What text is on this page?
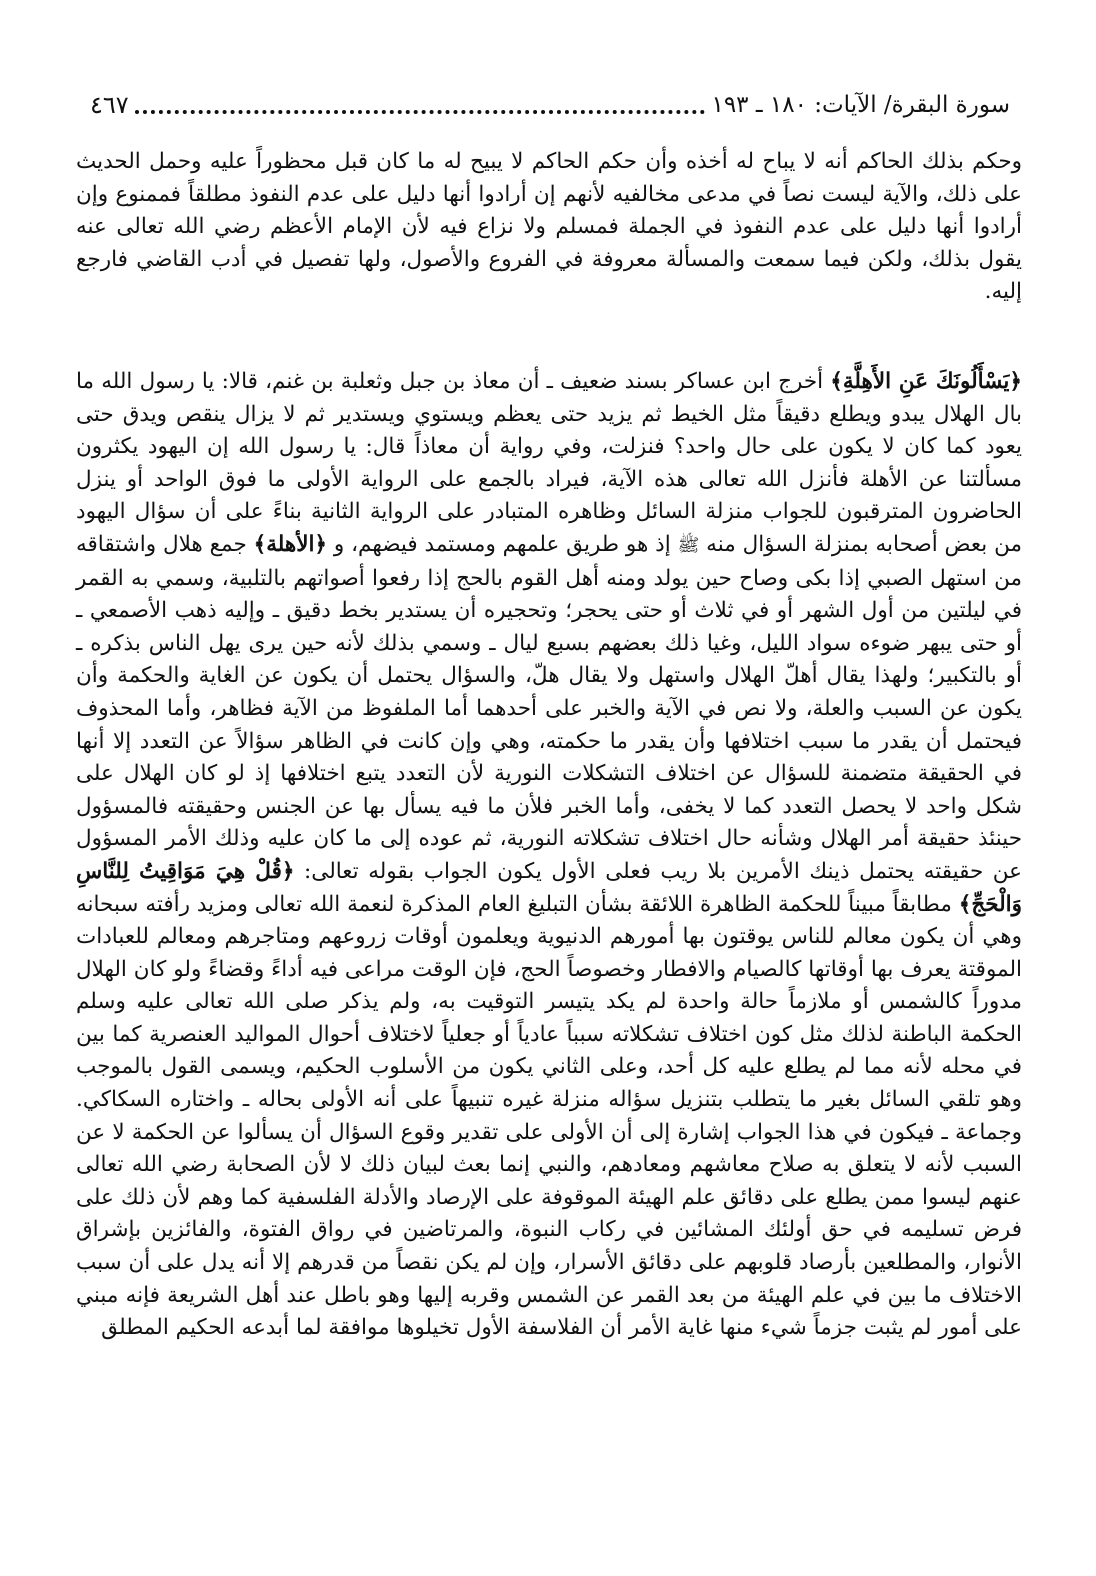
سورة البقرة/ الآيات: ١٨٠ ـ ١٩٣
٤٦٧

وحكم بذلك الحاكم أنه لا يباح له أخذه وأن حكم الحاكم لا يبيح له ما كان قبل محظوراً عليه وحمل الحديث على ذلك، والآية ليست نصاً في مدعى مخالفيه لأنهم إن أرادوا أنها دليل على عدم النفوذ مطلقاً فممنوع وإن أرادوا أنها دليل على عدم النفوذ في الجملة فمسلم ولا نزاع فيه لأن الإمام الأعظم رضي الله تعالى عنه يقول بذلك، ولكن فيما سمعت والمسألة معروفة في الفروع والأصول، ولها تفصيل في أدب القاضي فارجع إليه.

﴿يَسْأَلُونَكَ عَنِ الأَهِلَّةِ﴾ أخرج ابن عساكر بسند ضعيف ـ أن معاذ بن جبل وثعلبة بن غنم، قالا: يا رسول الله ما بال الهلال يبدو ويطلع دقيقاً مثل الخيط ثم يزيد حتى يعظم ويستوي ويستدير ثم لا يزال ينقص ويدق حتى يعود كما كان لا يكون على حال واحد؟ فنزلت، وفي رواية أن معاذاً قال: يا رسول الله إن اليهود يكثرون مسألتنا عن الأهلة فأنزل الله تعالى هذه الآية، فيراد بالجمع على الرواية الأولى ما فوق الواحد أو ينزل الحاضرون المترقبون للجواب منزلة السائل وظاهره المتبادر على الرواية الثانية بناءً على أن سؤال اليهود من بعض أصحابه بمنزلة السؤال منه ﷺ إذ هو طريق علمهم ومستمد فيضهم، و ﴿الأهلة﴾ جمع هلال واشتقاقه من استهل الصبي إذا بكى وصاح حين يولد ومنه أهل القوم بالحج إذا رفعوا أصواتهم بالتلبية، وسمي به القمر في ليلتين من أول الشهر أو في ثلاث أو حتى يحجر؛ وتحجيره أن يستدير بخط دقيق ـ وإليه ذهب الأصمعي ـ أو حتى يبهر ضوءه سواد الليل، وغيا ذلك بعضهم بسبع ليال ـ وسمي بذلك لأنه حين يرى يهل الناس بذكره ـ أو بالتكبير؛ ولهذا يقال أهلّ الهلال واستهل ولا يقال هلّ، والسؤال يحتمل أن يكون عن الغاية والحكمة وأن يكون عن السبب والعلة، ولا نص في الآية والخبر على أحدهما أما الملفوظ من الآية فظاهر، وأما المحذوف فيحتمل أن يقدر ما سبب اختلافها وأن يقدر ما حكمته، وهي وإن كانت في الظاهر سؤالاً عن التعدد إلا أنها في الحقيقة متضمنة للسؤال عن اختلاف التشكلات النورية لأن التعدد يتبع اختلافها إذ لو كان الهلال على شكل واحد لا يحصل التعدد كما لا يخفى، وأما الخبر فلأن ما فيه يسأل بها عن الجنس وحقيقته فالمسؤول حينئذ حقيقة أمر الهلال وشأنه حال اختلاف تشكلاته النورية، ثم عوده إلى ما كان عليه وذلك الأمر المسؤول عن حقيقته يحتمل ذينك الأمرين بلا ريب فعلى الأول يكون الجواب بقوله تعالى: ﴿قُلْ هِيَ مَوَاقِيتُ لِلنَّاسِ وَالْحَجِّ﴾ مطابقاً مبيناً للحكمة الظاهرة اللائقة بشأن التبليغ العام المذكرة لنعمة الله تعالى ومزيد رأفته سبحانه وهي أن يكون معالم للناس يوقتون بها أمورهم الدنيوية ويعلمون أوقات زروعهم ومتاجرهم ومعالم للعبادات الموقتة يعرف بها أوقاتها كالصيام والافطار وخصوصاً الحج، فإن الوقت مراعى فيه أداءً وقضاءً ولو كان الهلال مدوراً كالشمس أو ملازماً حالة واحدة لم يكد يتيسر التوقيت به، ولم يذكر صلى الله تعالى عليه وسلم الحكمة الباطنة لذلك مثل كون اختلاف تشكلاته سبباً عادياً أو جعلياً لاختلاف أحوال المواليد العنصرية كما بين في محله لأنه مما لم يطلع عليه كل أحد، وعلى الثاني يكون من الأسلوب الحكيم، ويسمى القول بالموجب وهو تلقي السائل بغير ما يتطلب بتنزيل سؤاله منزلة غيره تنبيهاً على أنه الأولى بحاله ـ واختاره السكاكي. وجماعة ـ فيكون في هذا الجواب إشارة إلى أن الأولى على تقدير وقوع السؤال أن يسألوا عن الحكمة لا عن السبب لأنه لا يتعلق به صلاح معاشهم ومعادهم، والنبي إنما بعث لبيان ذلك لا لأن الصحابة رضي الله تعالى عنهم ليسوا ممن يطلع على دقائق علم الهيئة الموقوفة على الإرصاد والأدلة الفلسفية كما وهم لأن ذلك على فرض تسليمه في حق أولئك المشائين في ركاب النبوة، والمرتاضين في رواق الفتوة، والفائزين بإشراق الأنوار، والمطلعين بأرصاد قلوبهم على دقائق الأسرار، وإن لم يكن نقصاً من قدرهم إلا أنه يدل على أن سبب الاختلاف ما بين في علم الهيئة من بعد القمر عن الشمس وقربه إليها وهو باطل عند أهل الشريعة فإنه مبني على أمور لم يثبت جزماً شيء منها غاية الأمر أن الفلاسفة الأول تخيلوها موافقة لما أبدعه الحكيم المطلق
